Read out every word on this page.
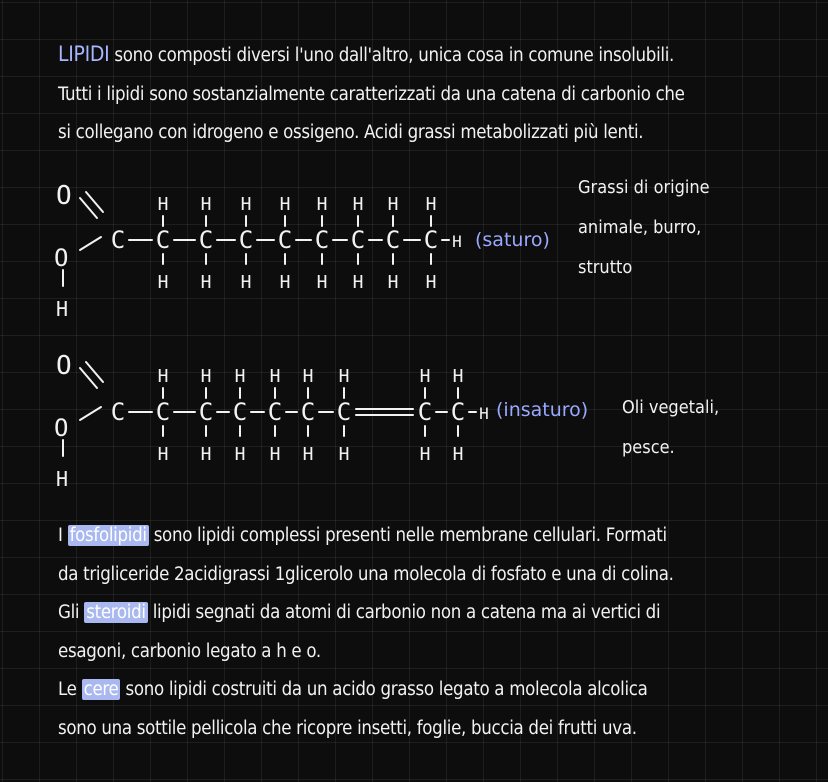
LIPIDI sono composti diversi l'uno dall'altro, unica cosa in comune insolubili.

Tutti i lipidi sono sostanzialmente caratterizzati da una catena di carbonio che

si collegano con idrogeno e ossigeno. Acidi grassi metabolizzati più lenti.

O
O
H
C C
H
H
C
H
H
C
H
H
C
H
H
C
H
H
C
H
H
C
H
H
C
H
H
H (saturo)
Grassi di origine
animale, burro,
strutto
O
O
H
C C
H
H
C
H
H
C
H
H
C
H
H
C
H
H
C
H
H
C
H
H
C
H
H
H (insaturo) Oli vegetali,
pesce.

I fosfolipidi sono lipidi complessi presenti nelle membrane cellulari. Formati

da trigliceride 2acidigrassi 1glicerolo una molecola di fosfato e una di colina.

Gli steroidi lipidi segnati da atomi di carbonio non a catena ma ai vertici di

esagoni, carbonio legato a h e o.

Le cere sono lipidi costruiti da un acido grasso legato a molecola alcolica

sono una sottile pellicola che ricopre insetti, foglie, buccia dei frutti uva.
